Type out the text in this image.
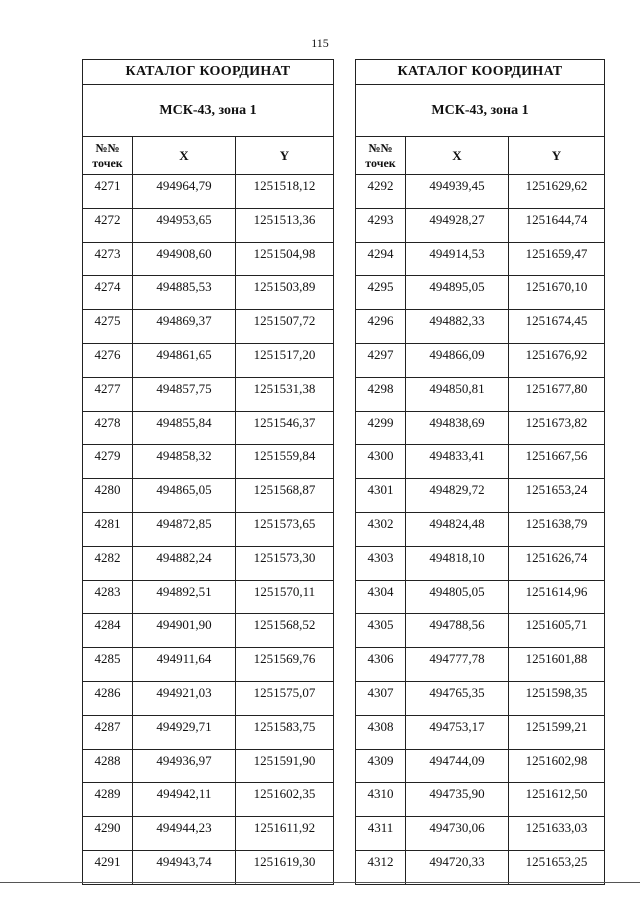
115
КАТАЛОГ КООРДИНАТ		
МСК-43, зона 1		
№№ точек	X	Y
4271	494964,79	1251518,12
4272	494953,65	1251513,36
4273	494908,60	1251504,98
4274	494885,53	1251503,89
4275	494869,37	1251507,72
4276	494861,65	1251517,20
4277	494857,75	1251531,38
4278	494855,84	1251546,37
4279	494858,32	1251559,84
4280	494865,05	1251568,87
4281	494872,85	1251573,65
4282	494882,24	1251573,30
4283	494892,51	1251570,11
4284	494901,90	1251568,52
4285	494911,64	1251569,76
4286	494921,03	1251575,07
4287	494929,71	1251583,75
4288	494936,97	1251591,90
4289	494942,11	1251602,35
4290	494944,23	1251611,92
4291	494943,74	1251619,30
КАТАЛОГ КООРДИНАТ		
МСК-43, зона 1		
№№ точек	X	Y
4292	494939,45	1251629,62
4293	494928,27	1251644,74
4294	494914,53	1251659,47
4295	494895,05	1251670,10
4296	494882,33	1251674,45
4297	494866,09	1251676,92
4298	494850,81	1251677,80
4299	494838,69	1251673,82
4300	494833,41	1251667,56
4301	494829,72	1251653,24
4302	494824,48	1251638,79
4303	494818,10	1251626,74
4304	494805,05	1251614,96
4305	494788,56	1251605,71
4306	494777,78	1251601,88
4307	494765,35	1251598,35
4308	494753,17	1251599,21
4309	494744,09	1251602,98
4310	494735,90	1251612,50
4311	494730,06	1251633,03
4312	494720,33	1251653,25
